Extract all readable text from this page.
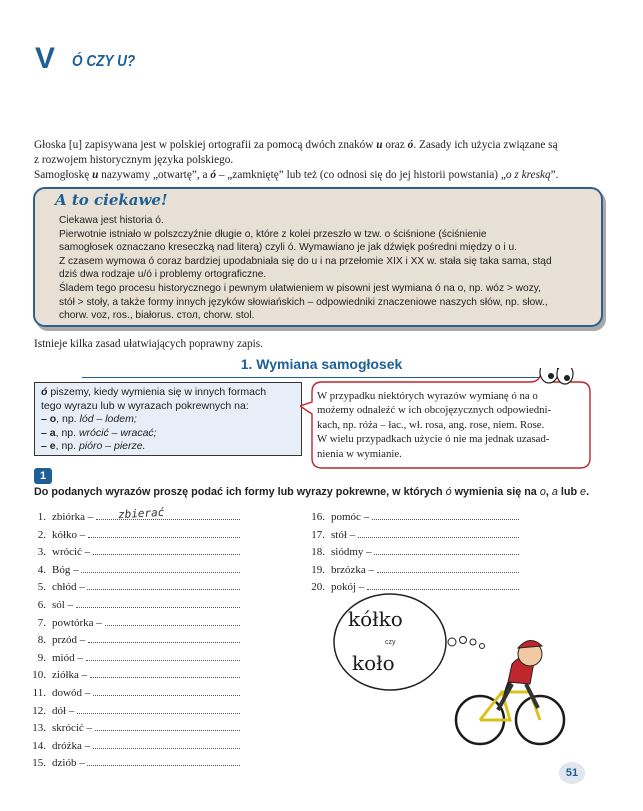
V Ó CZY U?
Głoska [u] zapisywana jest w polskiej ortografii za pomocą dwóch znaków u oraz ó. Zasady ich użycia związane są
z rozwojem historycznym języka polskiego.
Samogłoskę u nazywamy „otwartę”, a ó – „zamkniętę” lub też (co odnosi się do jej historii powstania) „o z kreską”.
A to ciekawe!
Ciekawa jest historia ó.
Pierwotnie istniało w polszczyźnie długie o, które z kolei przeszło w tzw. o ściśnione (ściśnienie
samogłosek oznaczano kreseczką nad literą) czyli ó. Wymawiano je jak dźwięk pośredni między o i u.
Z czasem wymowa ó coraz bardziej upodabniała się do u i na przełomie XIX i XX w. stała się taka sama, stąd
dziś dwa rodzaje u/ó i problemy ortograficzne.
Śladem tego procesu historycznego i pewnym ułatwieniem w pisowni jest wymiana ó na o, np. wóz > wozy,
stół > stoły, a także formy innych języków słowiańskich – odpowiedniki znaczeniowe naszych słów, np. słow.,
chorw. voz, ros., białorus. стол, chorw. stol.
Istnieje kilka zasad ułatwiających poprawny zapis.
1. Wymiana samogłosek
ó piszemy, kiedy wymienia się w innych formach
tego wyrazu lub w wyrazach pokrewnych na:
– o, np. lód – lodem;
– a, np. wrócić – wracać;
– e, np. pióro – pierze.
W przypadku niektórych wyrazów wymianę ó na o
możemy odnaleźć w ich obcojęzycznych odpowiedni-
kach, np. róża – łac., wł. rosa, ang. rose, niem. Rose.
W wielu przypadkach użycie ó nie ma jednak uzasad-
nienia w wymianie.
1
Do podanych wyrazów proszę podać ich formy lub wyrazy pokrewne, w których ó wymienia się na o, a lub e.
1. zbiórka –
2. kółko –
3. wrócić –
4. Bóg –
5. chłód –
6. sól –
7. powtórka –
8. przód –
9. miód –
10. ziółka –
11. dowód –
12. dół –
13. skrócić –
14. dróżka –
15. dziób –
16. pomóc –
17. stół –
18. siódmy –
19. brzózka –
20. pokój –
zbierać
kółko
czy
koło
51
